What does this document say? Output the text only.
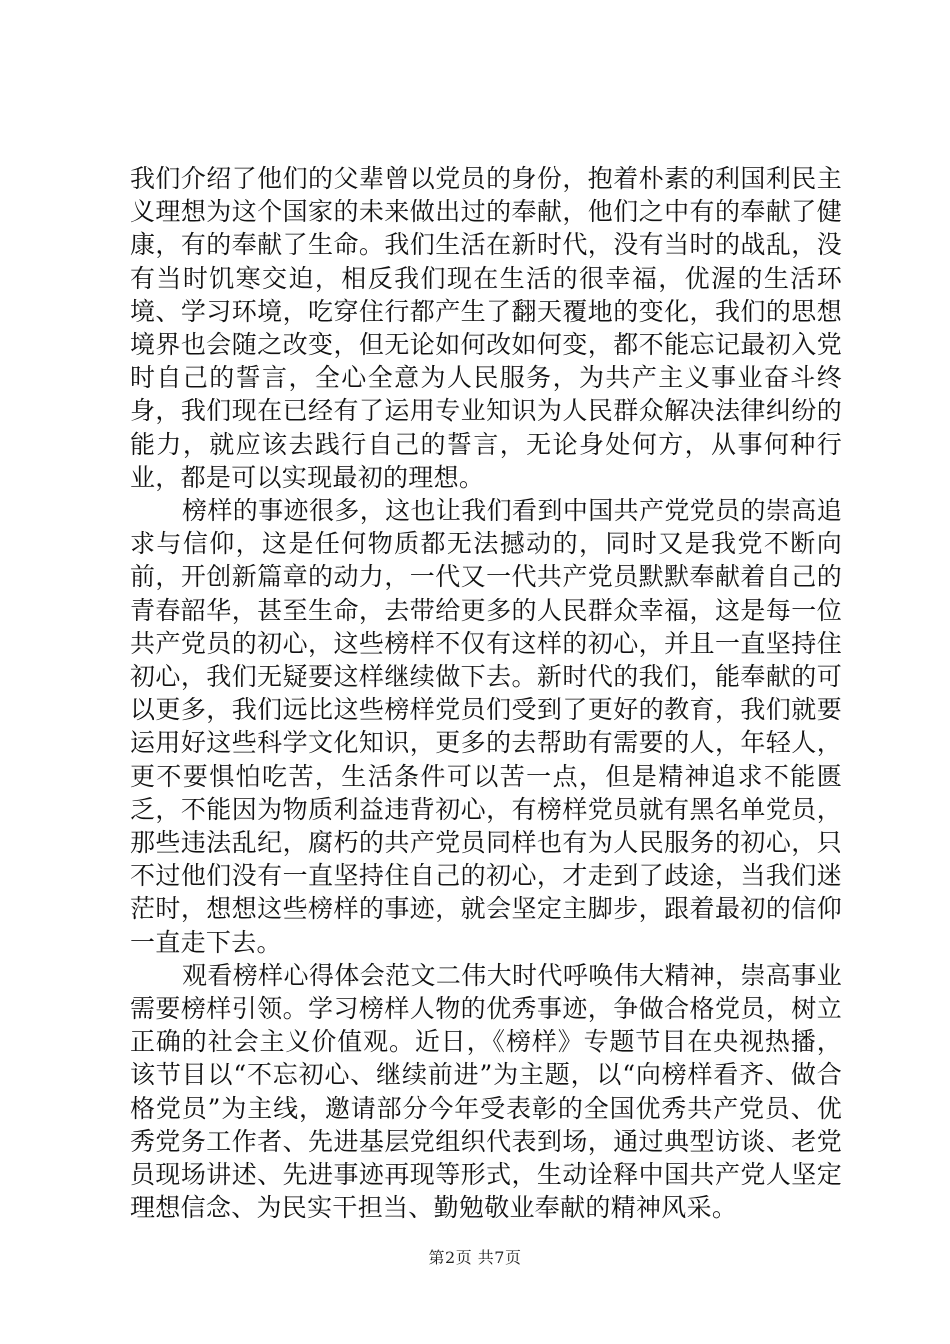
我们介绍了他们的父辈曾以党员的身份，抱着朴素的利国利民主义理想为这个国家的未来做出过的奉献，他们之中有的奉献了健康，有的奉献了生命。我们生活在新时代，没有当时的战乱，没有当时饥寒交迫，相反我们现在生活的很幸福，优渥的生活环境、学习环境，吃穿住行都产生了翻天覆地的变化，我们的思想境界也会随之改变，但无论如何改如何变，都不能忘记最初入党时自己的誓言，全心全意为人民服务，为共产主义事业奋斗终身，我们现在已经有了运用专业知识为人民群众解决法律纠纷的能力，就应该去践行自己的誓言，无论身处何方，从事何种行业，都是可以实现最初的理想。

榜样的事迹很多，这也让我们看到中国共产党党员的崇高追求与信仰，这是任何物质都无法撼动的，同时又是我党不断向前，开创新篇章的动力，一代又一代共产党员默默奉献着自己的青春韶华，甚至生命，去带给更多的人民群众幸福，这是每一位共产党员的初心，这些榜样不仅有这样的初心，并且一直坚持住初心，我们无疑要这样继续做下去。新时代的我们，能奉献的可以更多，我们远比这些榜样党员们受到了更好的教育，我们就要运用好这些科学文化知识，更多的去帮助有需要的人，年轻人，更不要惧怕吃苦，生活条件可以苦一点，但是精神追求不能匮乏，不能因为物质利益违背初心，有榜样党员就有黑名单党员，那些违法乱纪，腐朽的共产党员同样也有为人民服务的初心，只不过他们没有一直坚持住自己的初心，才走到了歧途，当我们迷茫时，想想这些榜样的事迹，就会坚定主脚步，跟着最初的信仰一直走下去。

观看榜样心得体会范文二伟大时代呼唤伟大精神，崇高事业需要榜样引领。学习榜样人物的优秀事迹，争做合格党员，树立正确的社会主义价值观。近日，《榜样》专题节目在央视热播，该节目以“不忘初心、继续前进”为主题，以“向榜样看齐、做合格党员”为主线，邀请部分今年受表彰的全国优秀共产党员、优秀党务工作者、先进基层党组织代表到场，通过典型访谈、老党员现场讲述、先进事迹再现等形式，生动诠释中国共产党人坚定理想信念、为民实干担当、勤勉敬业奉献的精神风采。

第2页 共7页
